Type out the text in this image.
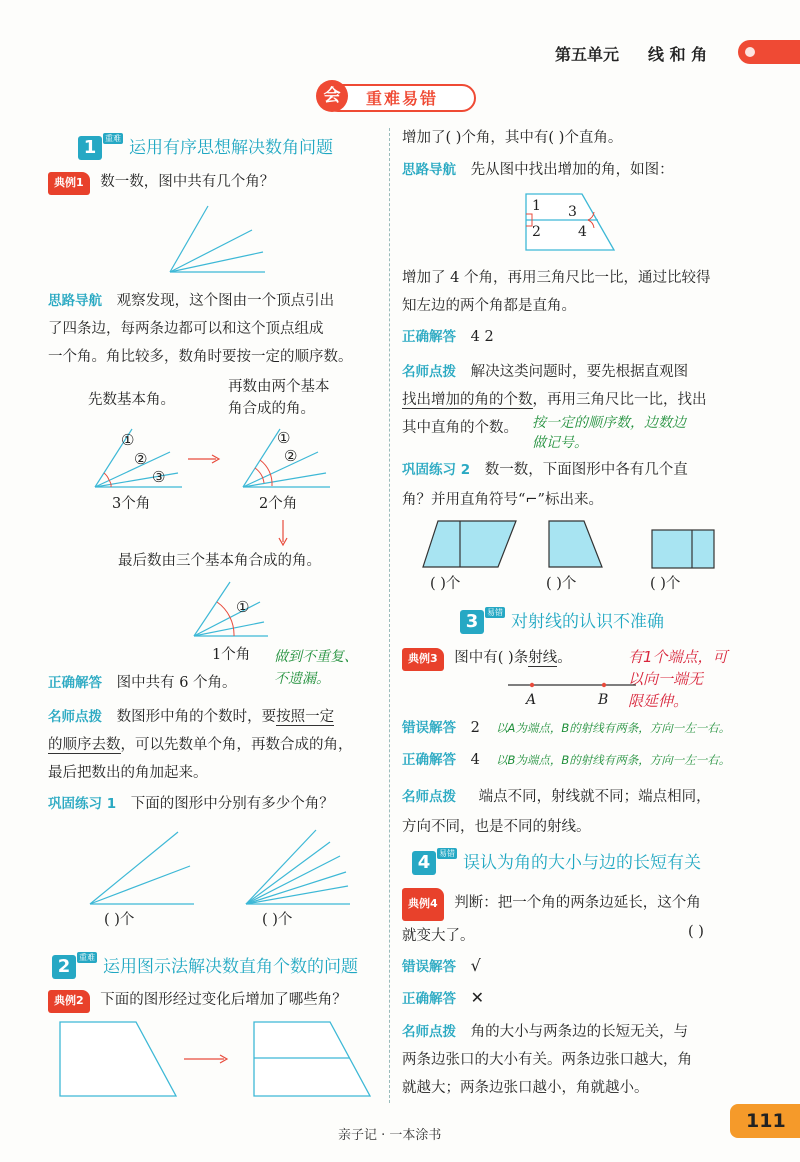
第五单元 线 和 角
会	重难易错
1 重难 运用有序思想解决数角问题
典例1 数一数，图中共有几个角？
思路导航 观察发现，这个图由一个顶点引出
了四条边，每两条边都可以和这个顶点组成
一个角。角比较多，数角时要按一定的顺序数。
先数基本角。
再数由两个基本
角合成的角。
①
②
③
3个角
①
②
2个角
最后数由三个基本角合成的角。
①
1个角 做到不重复、
不遗漏。
正确解答 图中共有 6 个角。
名师点拨 数图形中角的个数时，要按照一定
的顺序去数，可以先数单个角，再数合成的角，
最后把数出的角加起来。
巩固练习 1 下面的图形中分别有多少个角？
( )个	( )个
2 重难 运用图示法解决数直角个数的问题
典例2 下面的图形经过变化后增加了哪些角？
增加了( )个角，其中有( )个直角。
思路导航 先从图中找出增加的角，如图：
1
2
3
4
增加了 4 个角，再用三角尺比一比，通过比较得
知左边的两个角都是直角。
正确解答 4 2
名师点拨 解决这类问题时，要先根据直观图
找出增加的角的个数，再用三角尺比一比，找出
其中直角的个数。	按一定的顺序数，边数边
做记号。
巩固练习 2 数一数，下面图形中各有几个直
角？并用直角符号“⌐”标出来。
( )个	( )个	( )个
3 易错 对射线的认识不准确
典例3 图中有( )条射线。	有1个端点，可
以向一端无
限延伸。
A	B
错误解答 2 以A为端点，B的射线有两条，方向一左一右。
正确解答 4 以B为端点，B的射线有两条，方向一左一右。
名师点拨 端点不同，射线就不同；端点相同，
方向不同，也是不同的射线。
4 易错 误认为角的大小与边的长短有关
典例4 判断：把一个角的两条边延长，这个角
就变大了。	( )
错误解答 √
正确解答 ✕
名师点拨 角的大小与两条边的长短无关，与
两条边张口的大小有关。两条边张口越大，角
就越大；两条边张口越小，角就越小。
亲子记 · 一本涂书
111
